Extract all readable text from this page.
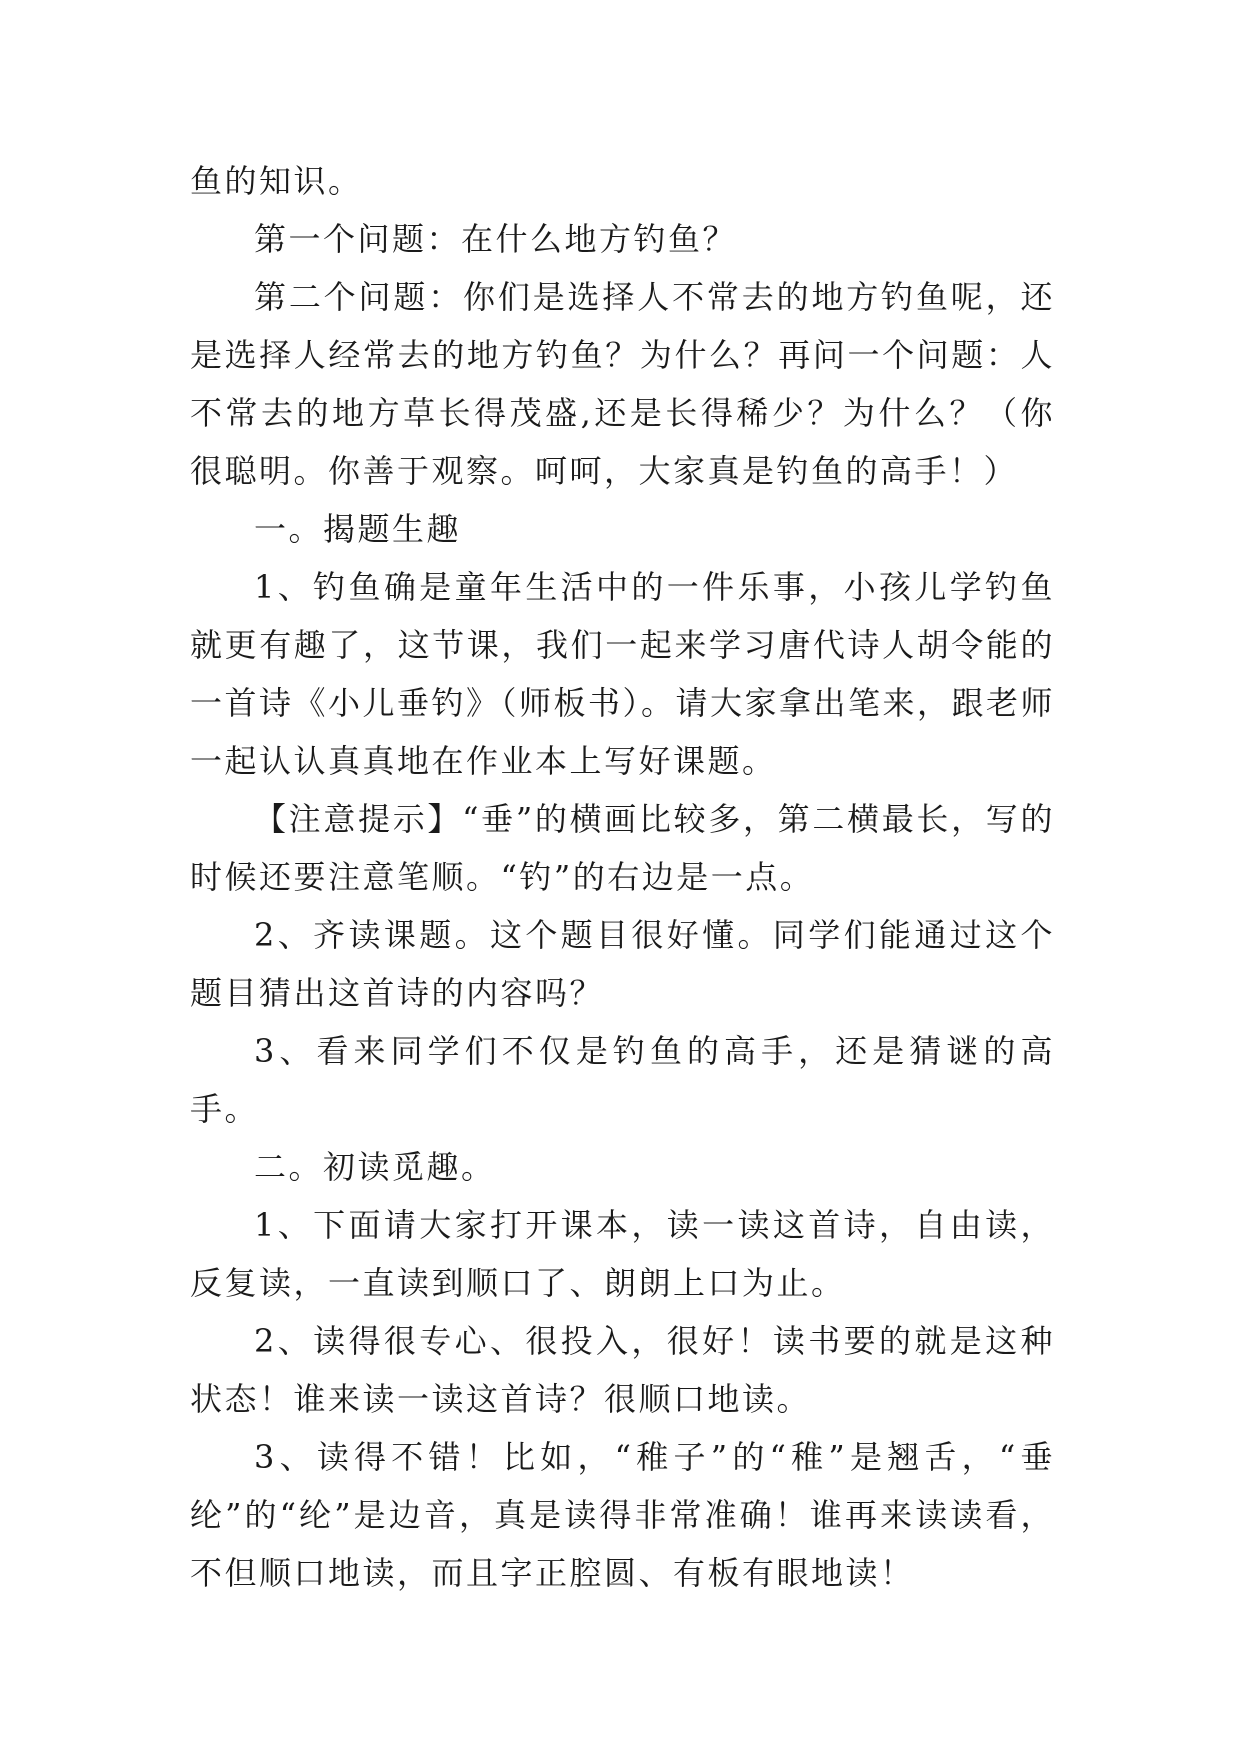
鱼的知识。

第一个问题：在什么地方钓鱼？

第二个问题：你们是选择人不常去的地方钓鱼呢，还是选择人经常去的地方钓鱼？为什么？再问一个问题：人不常去的地方草长得茂盛,还是长得稀少？为什么？（你很聪明。你善于观察。呵呵，大家真是钓鱼的高手！）

一。揭题生趣

1、钓鱼确是童年生活中的一件乐事，小孩儿学钓鱼就更有趣了，这节课，我们一起来学习唐代诗人胡令能的一首诗《小儿垂钓》（师板书）。请大家拿出笔来，跟老师一起认认真真地在作业本上写好课题。

【注意提示】“垂”的横画比较多，第二横最长，写的时候还要注意笔顺。“钓”的右边是一点。

2、齐读课题。这个题目很好懂。同学们能通过这个题目猜出这首诗的内容吗？

3、看来同学们不仅是钓鱼的高手，还是猜谜的高手。

二。初读觅趣。

1、下面请大家打开课本，读一读这首诗，自由读，反复读，一直读到顺口了、朗朗上口为止。

2、读得很专心、很投入，很好！读书要的就是这种状态！谁来读一读这首诗？很顺口地读。

3、读得不错！比如，“稚子”的“稚”是翘舌，“垂纶”的“纶”是边音，真是读得非常准确！谁再来读读看，不但顺口地读，而且字正腔圆、有板有眼地读！
